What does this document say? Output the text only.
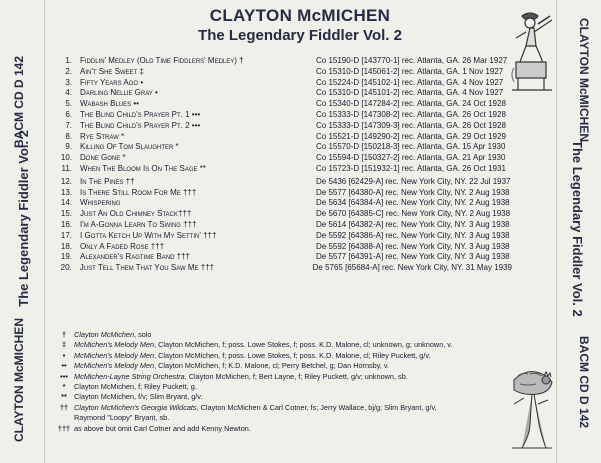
BACM CD D 142
The Legendary Fiddler Vol. 2
CLAYTON McMICHEN
CLAYTON McMICHEN
The Legendary Fiddler Vol. 2
BACM CD D 142
CLAYTON McMICHEN
The Legendary Fiddler Vol. 2
1.	Fiddlin' Medley (Old Time Fiddlers' Medley) †	Co 15190-D [143770-1] rec. Atlanta, GA. 26 Mar 1927
2.	Ain't She Sweet ‡	Co 15310-D [145061-2] rec. Atlanta, GA. 1 Nov 1927
3.	Fifty Years Ago •	Co 15224-D [145102-1] rec. Atlanta, GA. 4 Nov 1927
4.	Darling Nellie Gray •	Co 15310-D [145101-2] rec. Atlanta, GA. 4 Nov 1927
5.	Wabash Blues ••	Co 15340-D [147284-2] rec. Atlanta, GA. 24 Oct 1928
6.	The Blind Child's Prayer Pt. 1 •••	Co 15333-D [147308-2] rec. Atlanta, GA. 26 Oct 1928
7.	The Blind Child's Prayer Pt. 2 •••	Co 15333-D [147309-3] rec. Atlanta, GA. 26 Oct 1928
8.	Rye Straw *	Co 15521-D [149290-2] rec. Atlanta, GA. 29 Oct 1929
9.	Killing Of Tom Slaughter *	Co 15570-D [150218-3] rec. Atlanta, GA. 15 Apr 1930
10.	Done Gone *	Co 15594-D [150327-2] rec. Atlanta, GA. 21 Apr 1930
11.	When The Bloom Is On The Sage **	Co 15723-D [151932-1] rec. Atlanta, GA. 26 Oct 1931
12.	In The Pines ††	De 5436 [62429-A] rec. New York City, NY. 22 Jul 1937
13.	Is There Still Room For Me †††	De 5577 [64380-A] rec. New York City, NY. 2 Aug 1938
14.	Whispering	De 5634 [64384-A] rec. New York City, NY. 2 Aug 1938
15.	Just An Old Chimney Stack†††	De 5670 [64385-C] rec. New York City, NY. 2 Aug 1938
16.	I'm A-Gonna Learn To Swing †††	De 5614 [64382-A] rec. New York City, NY. 3 Aug 1938
17.	I Gotta Ketch Up With My Settin' †††	De 5592 [64386-A] rec. New York City, NY. 3 Aug 1938
18.	Only A Faded Rose †††	De 5592 [64388-A] rec. New York City, NY. 3 Aug 1938
19.	Alexander's Ragtime Band †††	De 5577 [64391-A] rec. New York City, NY. 3 Aug 1938
20.	Just Tell Them That You Saw Me †††	De 5765 [65684-A] rec. New York City, NY. 31 May 1939
†	Clayton McMichen, solo
‡	McMichen's Melody Men, Clayton McMichen, f; poss. Lowe Stokes, f; poss. K.D. Malone, cl; unknown, g; unknown, v.
•	McMichen's Melody Men, Clayton McMichen, f; poss. Lowe Stokes, f; poss. K.D. Malone, cl; Riley Puckett, g/v.
••	McMichen's Melody Men, Clayton McMichen, f; K.D. Malone, cl; Perry Betchel, g; Dan Hornsby, v.
••• McMichen-Layne String Orchestra, Clayton McMichen, f; Bert Layne, f; Riley Puckett, g/v; unknown, sb.
*	Clayton McMichen, f; Riley Puckett, g.
** Clayton McMichen, f/v; Slim Bryant, g/v.
†† Clayton McMichen's Georgia Wildcats, Clayton McMichen & Carl Cotner, fs; Jerry Wallace, bj/g; Slim Bryant, g/v,
Raymond "Loopy" Bryant, sb.
††† as above but omit Carl Cotner and add Kenny Newton.
